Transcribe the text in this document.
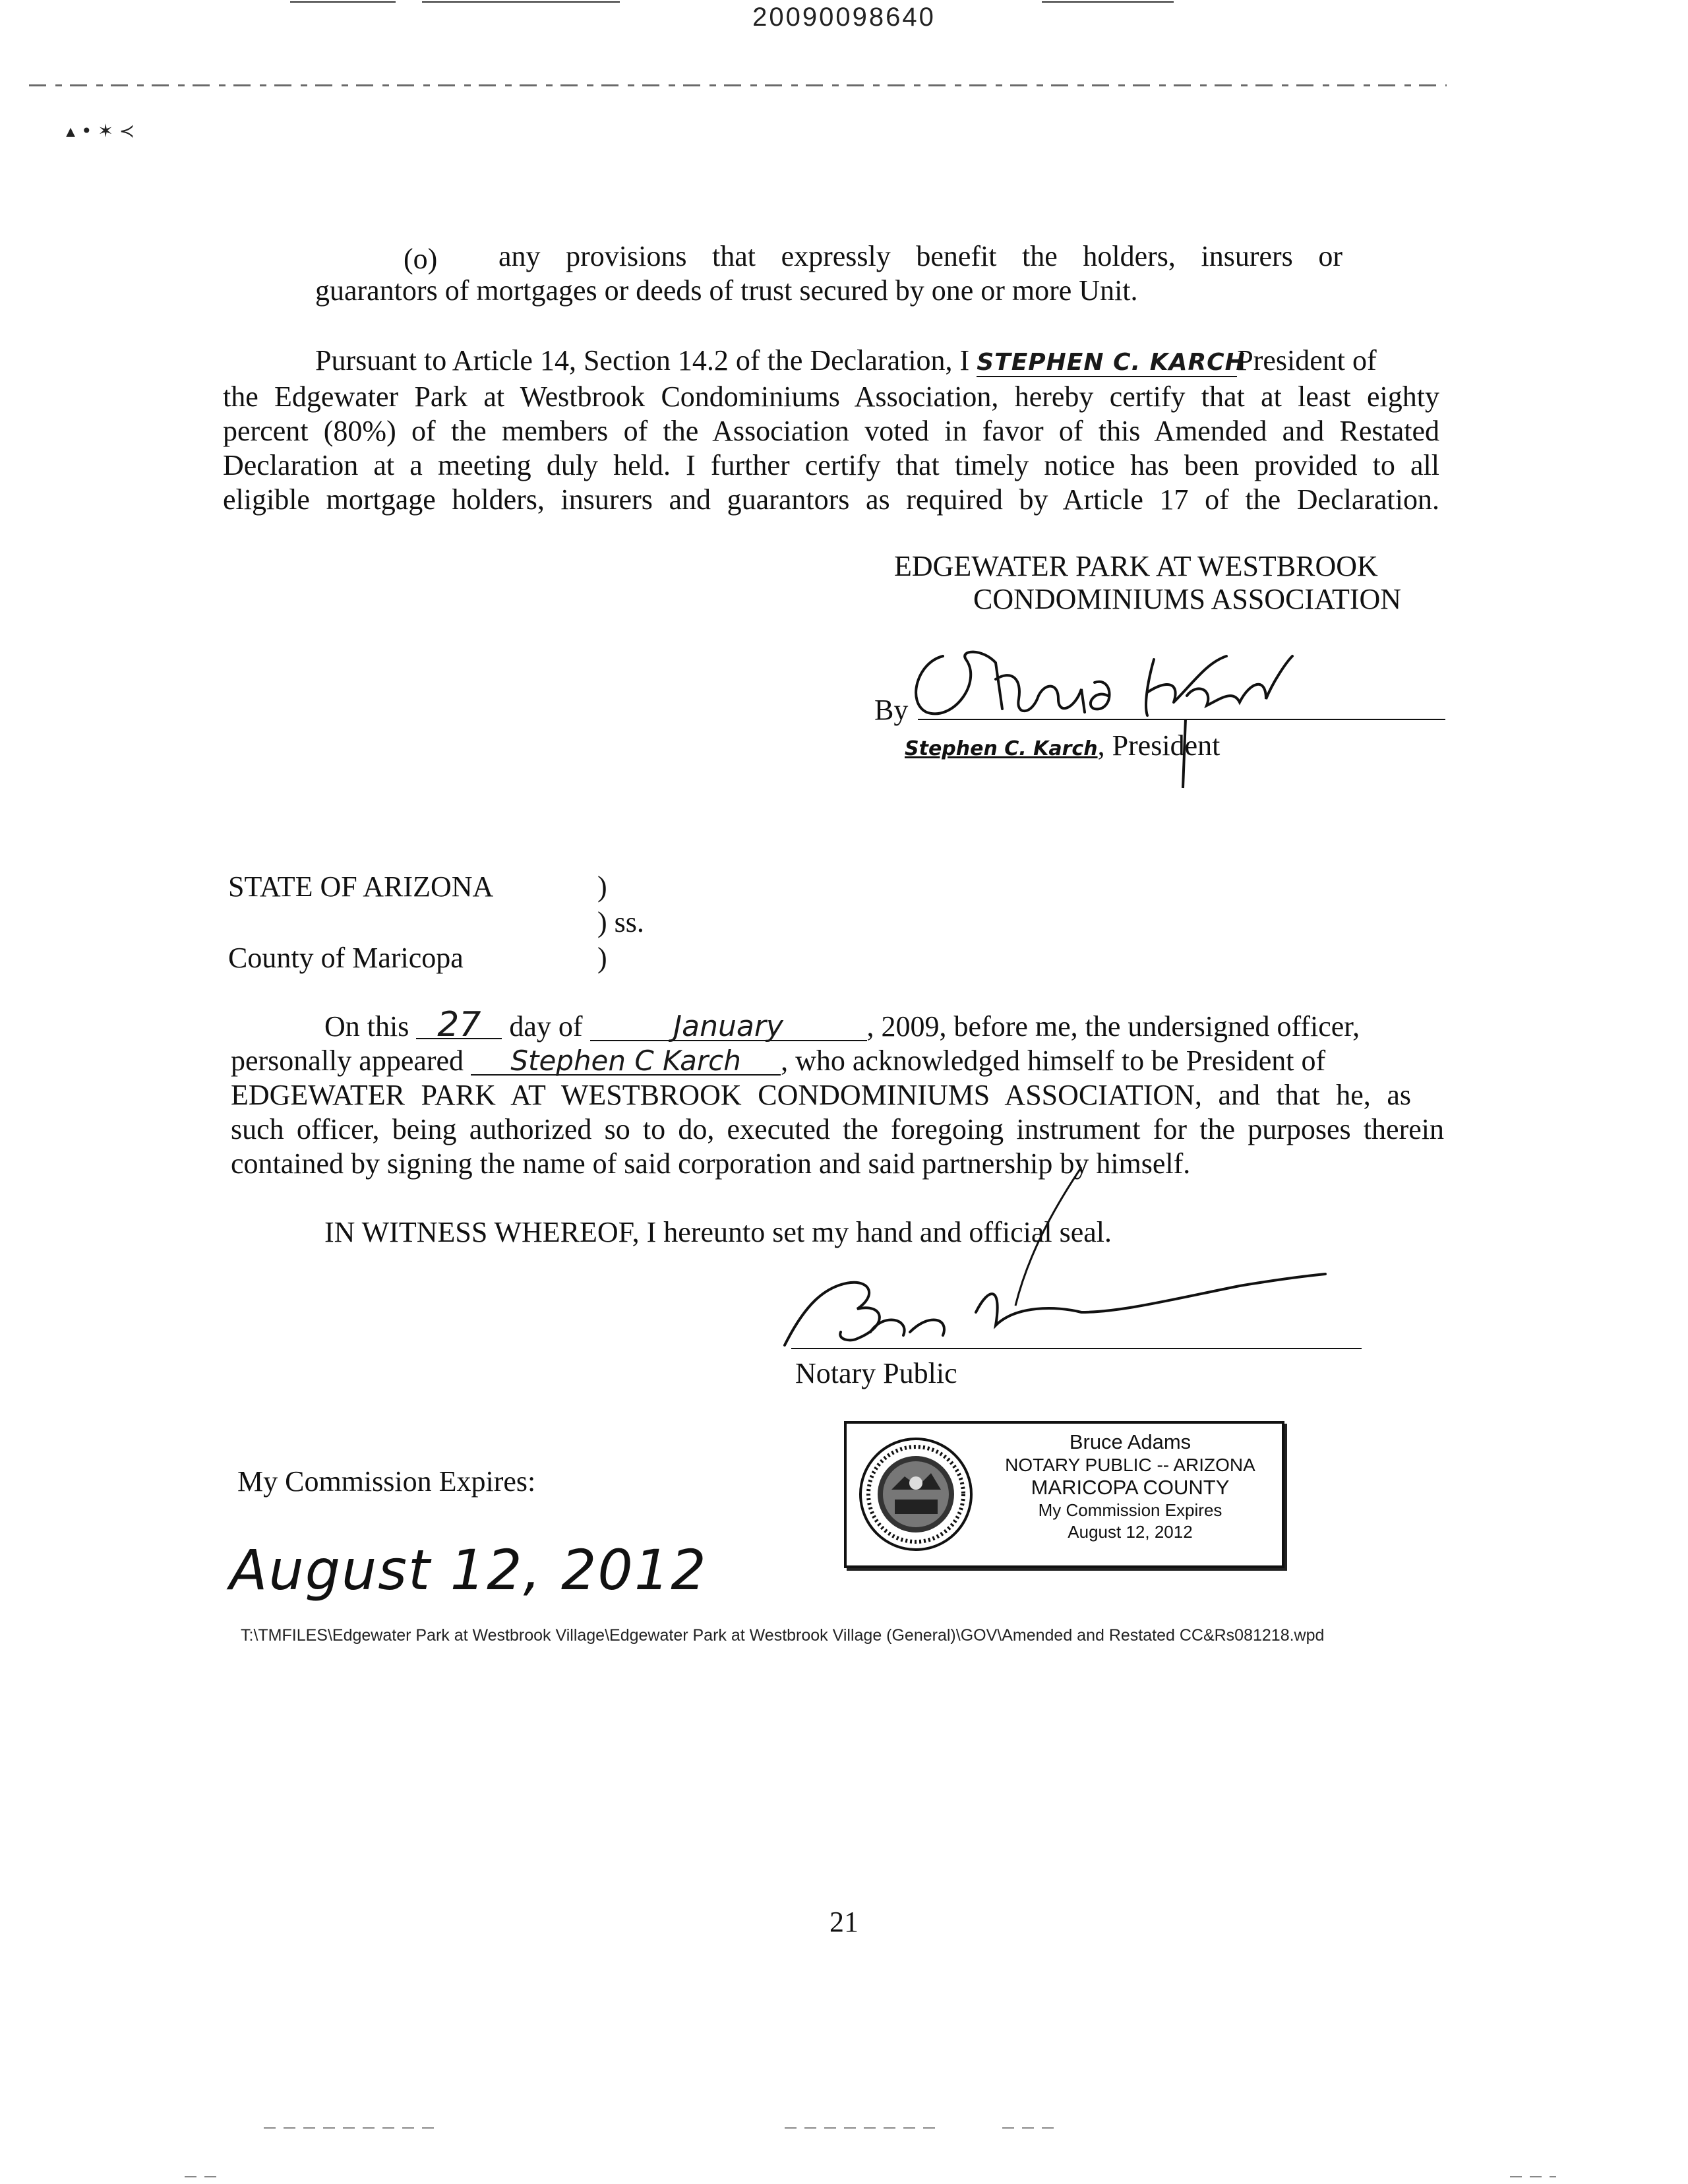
20090098640
▴ • ✶ ≺
(o) any provisions that expressly benefit the holders, insurers or
guarantors of mortgages or deeds of trust secured by one or more Unit.
Pursuant to Article 14, Section 14.2 of the Declaration, I STEPHEN C. KARCHPresident of
the Edgewater Park at Westbrook Condominiums Association, hereby certify that at least eighty
percent (80%) of the members of the Association voted in favor of this Amended and Restated
Declaration at a meeting duly held. I further certify that timely notice has been provided to all
eligible mortgage holders, insurers and guarantors as required by Article 17 of the Declaration.
EDGEWATER PARK AT WESTBROOK
CONDOMINIUMS ASSOCIATION
By
Stephen C. Karch, President
STATE OF ARIZONA	)
) ss.
County of Maricopa	)
On this 27 day of	January	, 2009, before me, the undersigned officer,
personally appeared Stephen C Karch , who acknowledged himself to be President of
EDGEWATER PARK AT WESTBROOK CONDOMINIUMS ASSOCIATION, and that he, as
such officer, being authorized so to do, executed the foregoing instrument for the purposes therein
contained by signing the name of said corporation and said partnership by himself.
IN WITNESS WHEREOF, I hereunto set my hand and official seal.
Notary Public
My Commission Expires:
August 12, 2012
Bruce Adams
NOTARY PUBLIC -- ARIZONA
MARICOPA COUNTY
My Commission Expires
August 12, 2012
T:\TMFILES\Edgewater Park at Westbrook Village\Edgewater Park at Westbrook Village (General)\GOV\Amended and Restated CC&Rs081218.wpd
21
